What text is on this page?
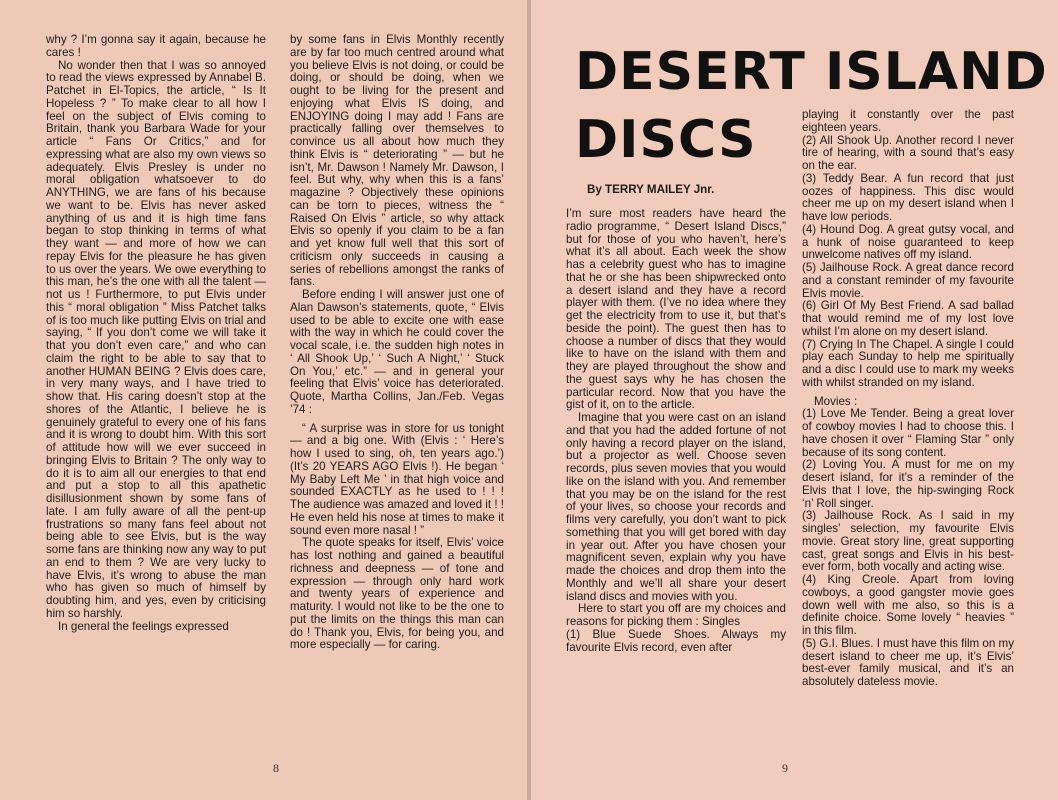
why ? I’m gonna say it again, because he cares !

No wonder then that I was so annoyed to read the views expressed by Annabel B. Patchet in El-Topics, the article, “ Is It Hopeless ? ” To make clear to all how I feel on the subject of Elvis coming to Britain, thank you Barbara Wade for your article “ Fans Or Critics,” and for expressing what are also my own views so adequately. Elvis Presley is under no moral obligation whatsoever to do ANYTHING, we are fans of his because we want to be. Elvis has never asked anything of us and it is high time fans began to stop thinking in terms of what they want — and more of how we can repay Elvis for the pleasure he has given to us over the years. We owe everything to this man, he’s the one with all the talent — not us ! Furthermore, to put Elvis under this “ moral obligation ” Miss Patchet talks of is too much like putting Elvis on trial and saying, “ If you don’t come we will take it that you don’t even care,” and who can claim the right to be able to say that to another HUMAN BEING ? Elvis does care, in very many ways, and I have tried to show that. His caring doesn’t stop at the shores of the Atlantic, I believe he is genuinely grateful to every one of his fans and it is wrong to doubt him. With this sort of attitude how will we ever succeed in bringing Elvis to Britain ? The only way to do it is to aim all our energies to that end and put a stop to all this apathetic disillusionment shown by some fans of late. I am fully aware of all the pent-up frustrations so many fans feel about not being able to see Elvis, but is the way some fans are thinking now any way to put an end to them ? We are very lucky to have Elvis, it’s wrong to abuse the man who has given so much of himself by doubting him, and yes, even by criticising him so harshly.

In general the feelings expressed

by some fans in Elvis Monthly recently are by far too much centred around what you believe Elvis is not doing, or could be doing, or should be doing, when we ought to be living for the present and enjoying what Elvis IS doing, and ENJOYING doing I may add ! Fans are practically falling over themselves to convince us all about how much they think Elvis is “ deteriorating ” — but he isn’t, Mr. Dawson ! Namely Mr. Dawson, I feel. But why, why when this is a fans’ magazine ? Objectively these opinions can be torn to pieces, witness the “ Raised On Elvis ” article, so why attack Elvis so openly if you claim to be a fan and yet know full well that this sort of criticism only succeeds in causing a series of rebellions amongst the ranks of fans.

Before ending I will answer just one of Alan Dawson’s statements, quote, “ Elvis used to be able to excite one with ease with the way in which he could cover the vocal scale, i.e. the sudden high notes in ‘ All Shook Up,’ ‘ Such A Night,’ ‘ Stuck On You,’ etc.” — and in general your feeling that Elvis’ voice has deteriorated. Quote, Martha Collins, Jan./Feb. Vegas ’74 :

“ A surprise was in store for us tonight — and a big one. With (Elvis : ‘ Here’s how I used to sing, oh, ten years ago.’) (It’s 20 YEARS AGO Elvis !). He began ‘ My Baby Left Me ’ in that high voice and sounded EXACTLY as he used to ! ! ! The audience was amazed and loved it ! ! He even held his nose at times to make it sound even more nasal ! ”

The quote speaks for itself, Elvis’ voice has lost nothing and gained a beautiful richness and deepness — of tone and expression — through only hard work and twenty years of experience and maturity. I would not like to be the one to put the limits on the things this man can do ! Thank you, Elvis, for being you, and more especially — for caring.

8
DESERT ISLAND
DISCS
By TERRY MAILEY Jnr.

I’m sure most readers have heard the radio programme, “ Desert Island Discs,” but for those of you who haven’t, here’s what it’s all about. Each week the show has a celebrity guest who has to imagine that he or she has been shipwrecked onto a desert island and they have a record player with them. (I’ve no idea where they get the electricity from to use it, but that’s beside the point). The guest then has to choose a number of discs that they would like to have on the island with them and they are played throughout the show and the guest says why he has chosen the particular record. Now that you have the gist of it, on to the article.

Imagine that you were cast on an island and that you had the added fortune of not only having a record player on the island, but a projector as well. Choose seven records, plus seven movies that you would like on the island with you. And remember that you may be on the island for the rest of your lives, so choose your records and films very carefully, you don’t want to pick something that you will get bored with day in year out. After you have chosen your magnificent seven, explain why you have made the choices and drop them into the Monthly and we’ll all share your desert island discs and movies with you.

Here to start you off are my choices and reasons for picking them : Singles

(1) Blue Suede Shoes. Always my favourite Elvis record, even after

playing it constantly over the past eighteen years.

(2) All Shook Up. Another record I never tire of hearing, with a sound that’s easy on the ear.

(3) Teddy Bear. A fun record that just oozes of happiness. This disc would cheer me up on my desert island when I have low periods.

(4) Hound Dog. A great gutsy vocal, and a hunk of noise guaranteed to keep unwelcome natives off my island.

(5) Jailhouse Rock. A great dance record and a constant reminder of my favourite Elvis movie.

(6) Girl Of My Best Friend. A sad ballad that would remind me of my lost love whilst I’m alone on my desert island.

(7) Crying In The Chapel. A single I could play each Sunday to help me spiritually and a disc I could use to mark my weeks with whilst stranded on my island.

Movies :

(1) Love Me Tender. Being a great lover of cowboy movies I had to choose this. I have chosen it over “ Flaming Star ” only because of its song content.

(2) Loving You. A must for me on my desert island, for it’s a reminder of the Elvis that I love, the hip-swinging Rock ‘n’ Roll singer.

(3) Jailhouse Rock. As I said in my singles’ selection, my favourite Elvis movie. Great story line, great supporting cast, great songs and Elvis in his best-ever form, both vocally and acting wise.

(4) King Creole. Apart from loving cowboys, a good gangster movie goes down well with me also, so this is a definite choice. Some lovely “ heavies ” in this film.

(5) G.I. Blues. I must have this film on my desert island to cheer me up, it’s Elvis’ best-ever family musical, and it’s an absolutely dateless movie.

9
